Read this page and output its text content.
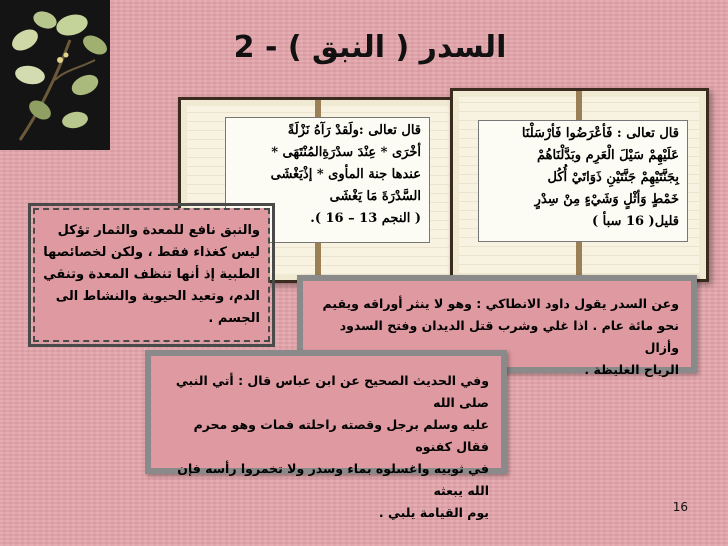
السدر ( النبق ) - 2

قال تعالى :ولَقدْ رَآهُ نَزْلَةً
أخْرَى * عِنْدَ سدْرَةِالمُنْتَهَى *
عندها جنة المأوى * إذْيَغْشَى
السَّدْرَةَ مَا يَغْشَى
( النجم 13 – 16 ).

قال تعالى : فَأعْرَضُوا فَأرْسَلْنَا
عَلَيْهِمْ سَيْلَ الْعَرِم وبَدَّلْنَاهُمْ
بِجَنَّتَيْهِمْ جَنَّتَيْنِ ذَوَاتَيْ أُكُل
خَمْطٍ وَأثْلٍ وَشَيْءٍ مِنْ سِدْرٍ
قليل( 16 سبأ )

والنبق نافع للمعدة والثمار تؤكل
ليس كغذاء فقط ، ولكن لخصائصها
الطبية إذ أنها تنظف المعدة وتنقي
الدم، وتعيد الحيوية والنشاط الى
الجسم .

وعن السدر يقول داود الانطاكي : وهو لا ينثر أوراقه ويقيم
نحو مائة عام . اذا غلي وشرب قتل الديدان وفتح السدود وأزال
الرياح الغليظة .

وفي الحديث الصحيح عن ابن عباس قال : أتي النبي صلى الله
عليه وسلم برجل وقصته راحلته فمات وهو محرم فقال كفنوه
في ثوبيه واغسلوه بماء وسدر ولا تخمروا رأسه فإن الله يبعثه
يوم القيامة يلبي .	16
